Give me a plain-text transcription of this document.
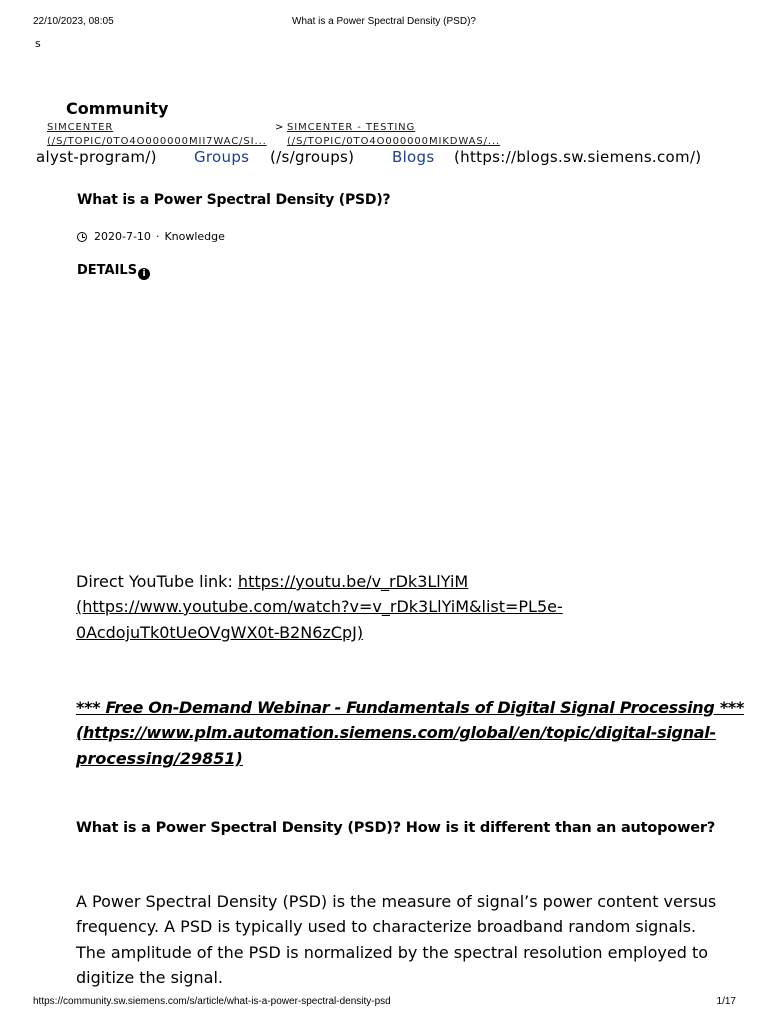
22/10/2023, 08:05	What is a Power Spectral Density (PSD)?
s
Community
SIMCENTER
(/S/TOPIC/0TO4O000000MII7WAC/SI...
> SIMCENTER - TESTING
(/S/TOPIC/0TO4O000000MIKDWAS/...
alyst-program/) Groups (/s/groups)	Blogs (https://blogs.sw.siemens.com/)
What is a Power Spectral Density (PSD)?
2020-7-10 · Knowledge
DETAILS i
Direct YouTube link: https://youtu.be/v_rDk3LlYiM
(https://www.youtube.com/watch?v=v_rDk3LlYiM&list=PL5e-
0AcdojuTk0tUeOVgWX0t-B2N6zCpJ)
*** Free On-Demand Webinar - Fundamentals of Digital Signal Processing ***
(https://www.plm.automation.siemens.com/global/en/topic/digital-signal-
processing/29851)
What is a Power Spectral Density (PSD)? How is it different than an autopower?
A Power Spectral Density (PSD) is the measure of signal’s power content versus
frequency. A PSD is typically used to characterize broadband random signals.
The amplitude of the PSD is normalized by the spectral resolution employed to
digitize the signal.
https://community.sw.siemens.com/s/article/what-is-a-power-spectral-density-psd	1/17
